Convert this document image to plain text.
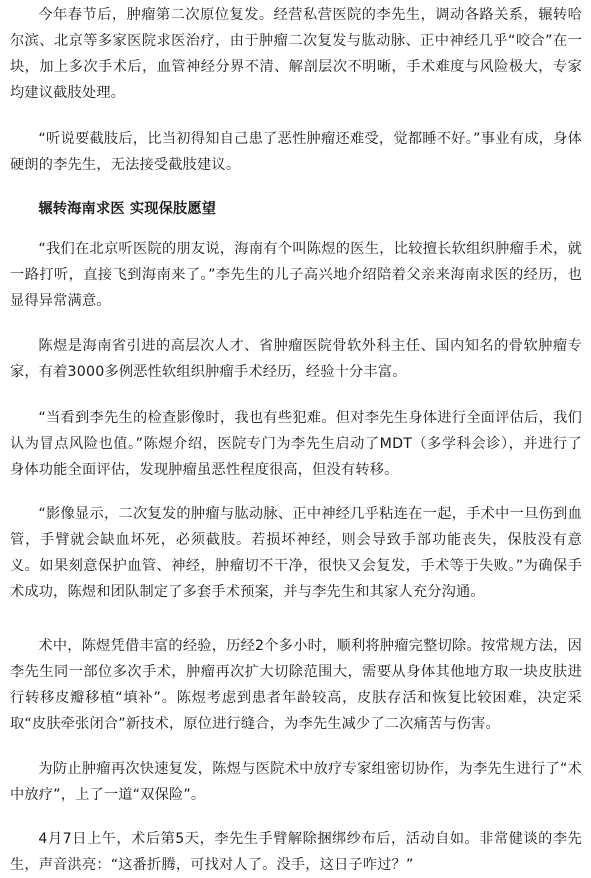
今年春节后，肿瘤第二次原位复发。经营私营医院的李先生，调动各路关系，辗转哈尔滨、北京等多家医院求医治疗，由于肿瘤二次复发与肱动脉、正中神经几乎“咬合”在一块，加上多次手术后，血管神经分界不清、解剖层次不明晰，手术难度与风险极大，专家均建议截肢处理。

“听说要截肢后，比当初得知自己患了恶性肿瘤还难受，觉都睡不好。”事业有成，身体硬朗的李先生，无法接受截肢建议。

辗转海南求医 实现保肢愿望

“我们在北京听医院的朋友说，海南有个叫陈煜的医生，比较擅长软组织肿瘤手术，就一路打听，直接飞到海南来了。”李先生的儿子高兴地介绍陪着父亲来海南求医的经历，也显得异常满意。

陈煜是海南省引进的高层次人才、省肿瘤医院骨软外科主任、国内知名的骨软肿瘤专家，有着3000多例恶性软组织肿瘤手术经历，经验十分丰富。

“当看到李先生的检查影像时，我也有些犯难。但对李先生身体进行全面评估后，我们认为冒点风险也值。”陈煜介绍，医院专门为李先生启动了MDT（多学科会诊），并进行了身体功能全面评估，发现肿瘤虽恶性程度很高，但没有转移。

“影像显示，二次复发的肿瘤与肱动脉、正中神经几乎粘连在一起，手术中一旦伤到血管，手臂就会缺血坏死，必须截肢。若损坏神经，则会导致手部功能丧失，保肢没有意义。如果刻意保护血管、神经，肿瘤切不干净，很快又会复发，手术等于失败。”为确保手术成功，陈煜和团队制定了多套手术预案，并与李先生和其家人充分沟通。

术中，陈煜凭借丰富的经验，历经2个多小时，顺利将肿瘤完整切除。按常规方法，因李先生同一部位多次手术，肿瘤再次扩大切除范围大，需要从身体其他地方取一块皮肤进行转移皮瓣移植“填补”。陈煜考虑到患者年龄较高，皮肤存活和恢复比较困难，决定采取“皮肤牵张闭合”新技术，原位进行缝合，为李先生减少了二次痛苦与伤害。

为防止肿瘤再次快速复发，陈煜与医院术中放疗专家组密切协作，为李先生进行了“术中放疗”，上了一道“双保险”。

4月7日上午，术后第5天，李先生手臂解除捆绑纱布后，活动自如。非常健谈的李先生，声音洪亮：“这番折腾，可找对人了。没手，这日子咋过？”
